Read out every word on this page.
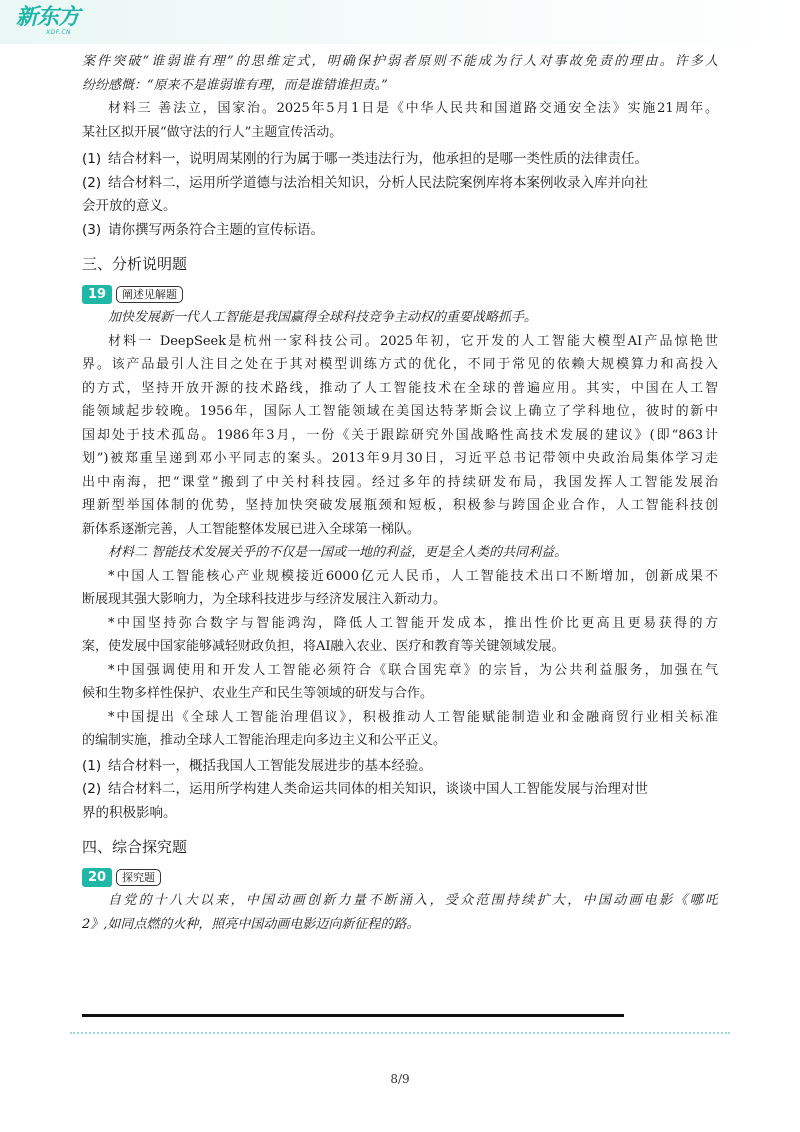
新东方
XDF.CN

案件突破“谁弱谁有理”的思维定式，明确保护弱者原则不能成为行人对事故免责的理由。许多人

纷纷感慨：“原来不是谁弱谁有理，而是谁错谁担责。”

材料三 善法立，国家治。2025年5月1日是《中华人民共和国道路交通安全法》实施21周年。

某社区拟开展“做守法的行人”主题宣传活动。

(1) 结合材料一，说明周某刚的行为属于哪一类违法行为，他承担的是哪一类性质的法律责任。

(2) 结合材料二，运用所学道德与法治相关知识，分析人民法院案例库将本案例收录入库并向社

会开放的意义。

(3) 请你撰写两条符合主题的宣传标语。

三、分析说明题
19	阐述见解题

加快发展新一代人工智能是我国赢得全球科技竞争主动权的重要战略抓手。

材料一 DeepSeek是杭州一家科技公司。2025年初，它开发的人工智能大模型AI产品惊艳世

界。该产品最引人注目之处在于其对模型训练方式的优化，不同于常见的依赖大规模算力和高投入

的方式，坚持开放开源的技术路线，推动了人工智能技术在全球的普遍应用。其实，中国在人工智

能领域起步较晚。1956年，国际人工智能领域在美国达特茅斯会议上确立了学科地位，彼时的新中

国却处于技术孤岛。1986年3月，一份《关于跟踪研究外国战略性高技术发展的建议》(即“863计

划”)被郑重呈递到邓小平同志的案头。2013年9月30日，习近平总书记带领中央政治局集体学习走

出中南海，把“课堂”搬到了中关村科技园。经过多年的持续研发布局，我国发挥人工智能发展治

理新型举国体制的优势，坚持加快突破发展瓶颈和短板，积极参与跨国企业合作，人工智能科技创

新体系逐渐完善，人工智能整体发展已进入全球第一梯队。

材料二 智能技术发展关乎的不仅是一国或一地的利益，更是全人类的共同利益。

*中国人工智能核心产业规模接近6000亿元人民币，人工智能技术出口不断增加，创新成果不

断展现其强大影响力，为全球科技进步与经济发展注入新动力。

*中国坚持弥合数字与智能鸿沟，降低人工智能开发成本，推出性价比更高且更易获得的方

案，使发展中国家能够减轻财政负担，将AI融入农业、医疗和教育等关键领域发展。

*中国强调使用和开发人工智能必须符合《联合国宪章》的宗旨，为公共利益服务，加强在气

候和生物多样性保护、农业生产和民生等领域的研发与合作。

*中国提出《全球人工智能治理倡议》，积极推动人工智能赋能制造业和金融商贸行业相关标准

的编制实施，推动全球人工智能治理走向多边主义和公平正义。

(1) 结合材料一，概括我国人工智能发展进步的基本经验。

(2) 结合材料二，运用所学构建人类命运共同体的相关知识，谈谈中国人工智能发展与治理对世

界的积极影响。

四、综合探究题
20	探究题

自党的十八大以来，中国动画创新力量不断涌入，受众范围持续扩大，中国动画电影《哪吒

2》,如同点燃的火种，照亮中国动画电影迈向新征程的路。

8/9
